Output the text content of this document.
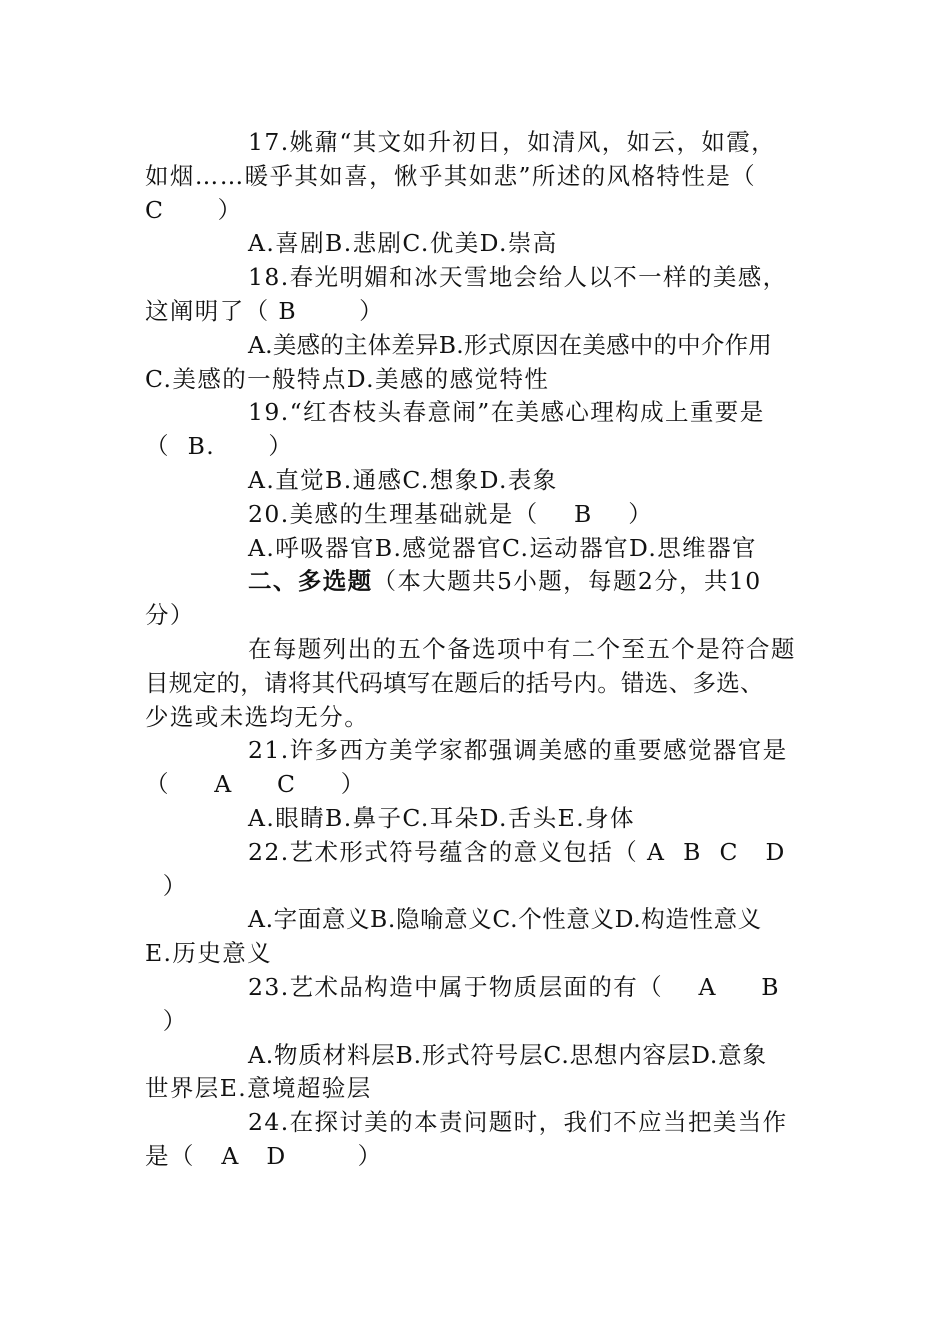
17.姚鼐“其文如升初日，如清风，如云，如霞，
如烟……暖乎其如喜，愀乎其如悲”所述的风格特性是（
C      ）
A.喜剧B.悲剧C.优美D.崇高
18.春光明媚和冰天雪地会给人以不一样的美感，
这阐明了（ B       ）
A.美感的主体差异B.形式原因在美感中的中介作用
C.美感的一般特点D.美感的感觉特性
19.“红杏枝头春意闹”在美感心理构成上重要是
（  B.      ）
A.直觉B.通感C.想象D.表象
20.美感的生理基础就是（    B    ）
A.呼吸器官B.感觉器官C.运动器官D.思维器官
二、多选题（本大题共5小题，每题2分，共10
分）
在每题列出的五个备选项中有二个至五个是符合题
目规定的，请将其代码填写在题后的括号内。错选、多选、
少选或未选均无分。
21.许多西方美学家都强调美感的重要感觉器官是
（     A     C     ）
A.眼睛B.鼻子C.耳朵D.舌头E.身体
22.艺术形式符号蕴含的意义包括（ A  B  C   D
）
A.字面意义B.隐喻意义C.个性意义D.构造性意义
E.历史意义
23.艺术品构造中属于物质层面的有（    A     B
）
A.物质材料层B.形式符号层C.思想内容层D.意象
世界层E.意境超验层
24.在探讨美的本责问题时，我们不应当把美当作
是（   A   D        ）
